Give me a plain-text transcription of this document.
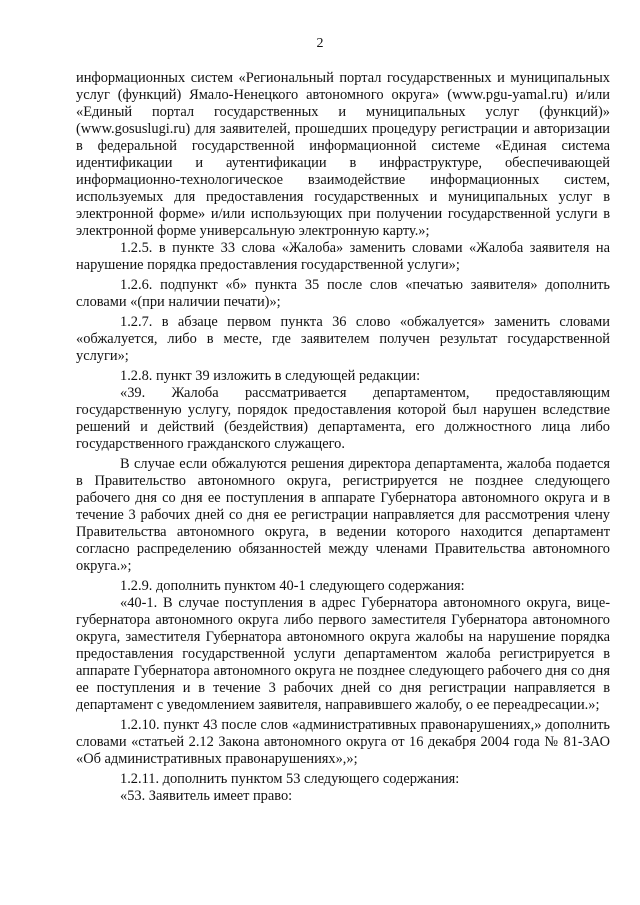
2

информационных систем «Региональный портал государственных и муниципальных услуг (функций) Ямало-Ненецкого автономного округа» (www.pgu-yamal.ru) и/или «Единый портал государственных и муниципальных услуг (функций)» (www.gosuslugi.ru) для заявителей, прошедших процедуру регистрации и авторизации в федеральной государственной информационной системе «Единая система идентификации и аутентификации в инфраструктуре, обеспечивающей информационно-технологическое взаимодействие информационных систем, используемых для предоставления государственных и муниципальных услуг в электронной форме» и/или использующих при получении государственной услуги в электронной форме универсальную электронную карту.»;

1.2.5. в пункте 33 слова «Жалоба» заменить словами «Жалоба заявителя на нарушение порядка предоставления государственной услуги»;

1.2.6. подпункт «б» пункта 35 после слов «печатью заявителя» дополнить словами «(при наличии печати)»;

1.2.7. в абзаце первом пункта 36 слово «обжалуется» заменить словами «обжалуется, либо в месте, где заявителем получен результат государственной услуги»;

1.2.8. пункт 39 изложить в следующей редакции:

«39. Жалоба рассматривается департаментом, предоставляющим государственную услугу, порядок предоставления которой был нарушен вследствие решений и действий (бездействия) департамента, его должностного лица либо государственного гражданского служащего.

В случае если обжалуются решения директора департамента, жалоба подается в Правительство автономного округа, регистрируется не позднее следующего рабочего дня со дня ее поступления в аппарате Губернатора автономного округа и в течение 3 рабочих дней со дня ее регистрации направляется для рассмотрения члену Правительства автономного округа, в ведении которого находится департамент согласно распределению обязанностей между членами Правительства автономного округа.»;

1.2.9. дополнить пунктом 40-1 следующего содержания:

«40-1. В случае поступления в адрес Губернатора автономного округа, вице-губернатора автономного округа либо первого заместителя Губернатора автономного округа, заместителя Губернатора автономного округа жалобы на нарушение порядка предоставления государственной услуги департаментом жалоба регистрируется в аппарате Губернатора автономного округа не позднее следующего рабочего дня со дня ее поступления и в течение 3 рабочих дней со дня регистрации направляется в департамент с уведомлением заявителя, направившего жалобу, о ее переадресации.»;

1.2.10. пункт 43 после слов «административных правонарушениях,» дополнить словами «статьей 2.12 Закона автономного округа от 16 декабря 2004 года № 81-ЗАО «Об административных правонарушениях»,»;

1.2.11. дополнить пунктом 53 следующего содержания:

«53. Заявитель имеет право:
